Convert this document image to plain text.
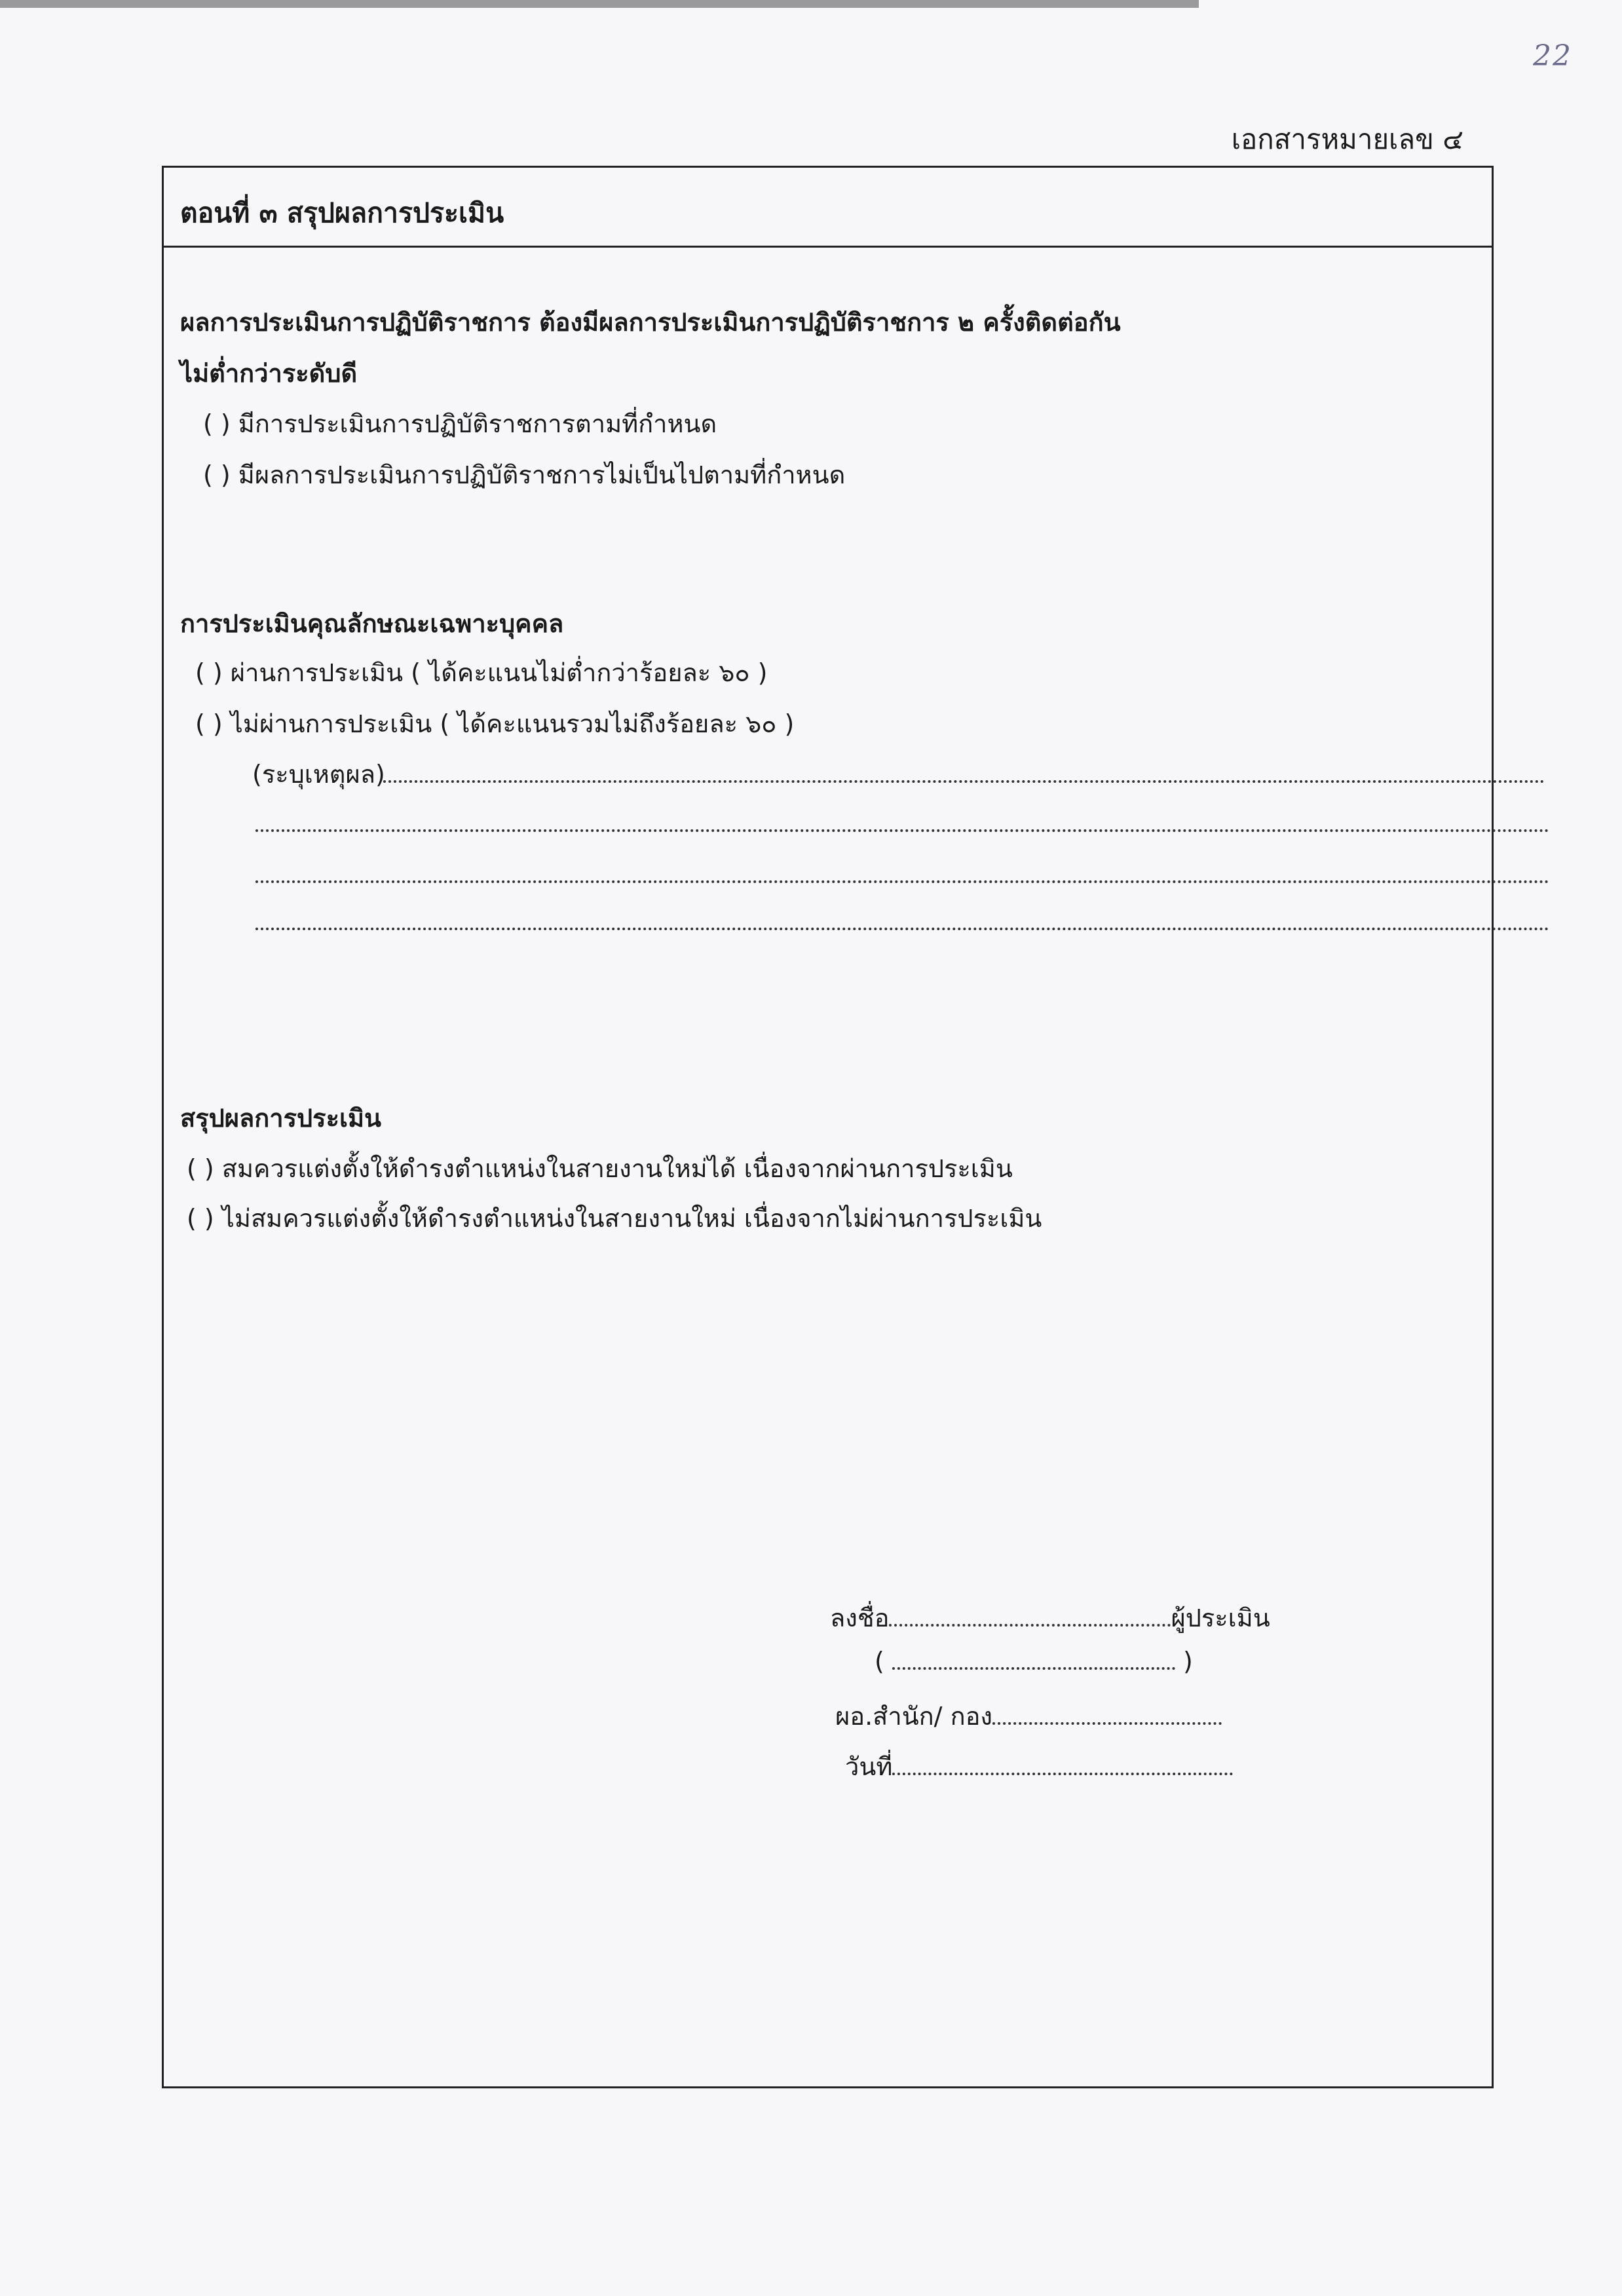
22
เอกสารหมายเลข ๔
ตอนที่ ๓ สรุปผลการประเมิน
ผลการประเมินการปฏิบัติราชการ ต้องมีผลการประเมินการปฏิบัติราชการ ๒ ครั้งติดต่อกัน
ไม่ต่ำกว่าระดับดี
( ) มีการประเมินการปฏิบัติราชการตามที่กำหนด
( ) มีผลการประเมินการปฏิบัติราชการไม่เป็นไปตามที่กำหนด
การประเมินคุณลักษณะเฉพาะบุคคล
( ) ผ่านการประเมิน ( ได้คะแนนไม่ต่ำกว่าร้อยละ ๖๐ )
( ) ไม่ผ่านการประเมิน ( ได้คะแนนรวมไม่ถึงร้อยละ ๖๐ )
(ระบุเหตุผล)
สรุปผลการประเมิน
( ) สมควรแต่งตั้งให้ดำรงตำแหน่งในสายงานใหม่ได้ เนื่องจากผ่านการประเมิน
( ) ไม่สมควรแต่งตั้งให้ดำรงตำแหน่งในสายงานใหม่ เนื่องจากไม่ผ่านการประเมิน
ลงชื่อ	ผู้ประเมิน
(	)
ผอ.สำนัก/ กอง
วันที่
